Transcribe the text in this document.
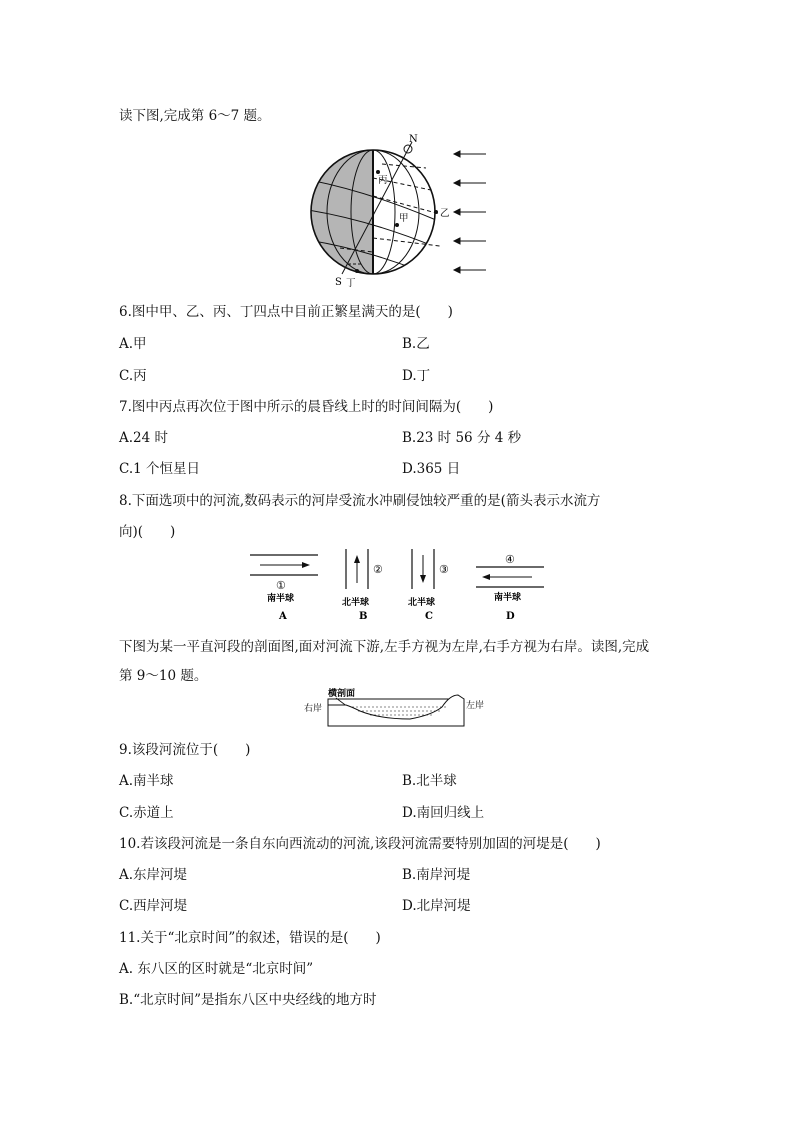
读下图,完成第 6～7 题。
N
S
丙
甲	乙
丁
6.图中甲、乙、丙、丁四点中目前正繁星满天的是(　　)
A.甲	B.乙
C.丙	D.丁
7.图中丙点再次位于图中所示的晨昏线上时的时间间隔为(　　)
A.24 时	B.23 时 56 分 4 秒
C.1 个恒星日	D.365 日
8.下面选项中的河流,数码表示的河岸受流水冲刷侵蚀较严重的是(箭头表示水流方
向)(　　)
①
南半球
A
②
北半球
B
③
北半球
C
④
南半球
D
下图为某一平直河段的剖面图,面对河流下游,左手方视为左岸,右手方视为右岸。读图,完成
第 9～10 题。
横剖面
右岸	左岸
9.该段河流位于(　　)
A.南半球	B.北半球
C.赤道上	D.南回归线上
10.若该段河流是一条自东向西流动的河流,该段河流需要特别加固的河堤是(　　)
A.东岸河堤	B.南岸河堤
C.西岸河堤	D.北岸河堤
11.关于“北京时间”的叙述，错误的是(　　)
A. 东八区的区时就是“北京时间”
B.“北京时间”是指东八区中央经线的地方时
